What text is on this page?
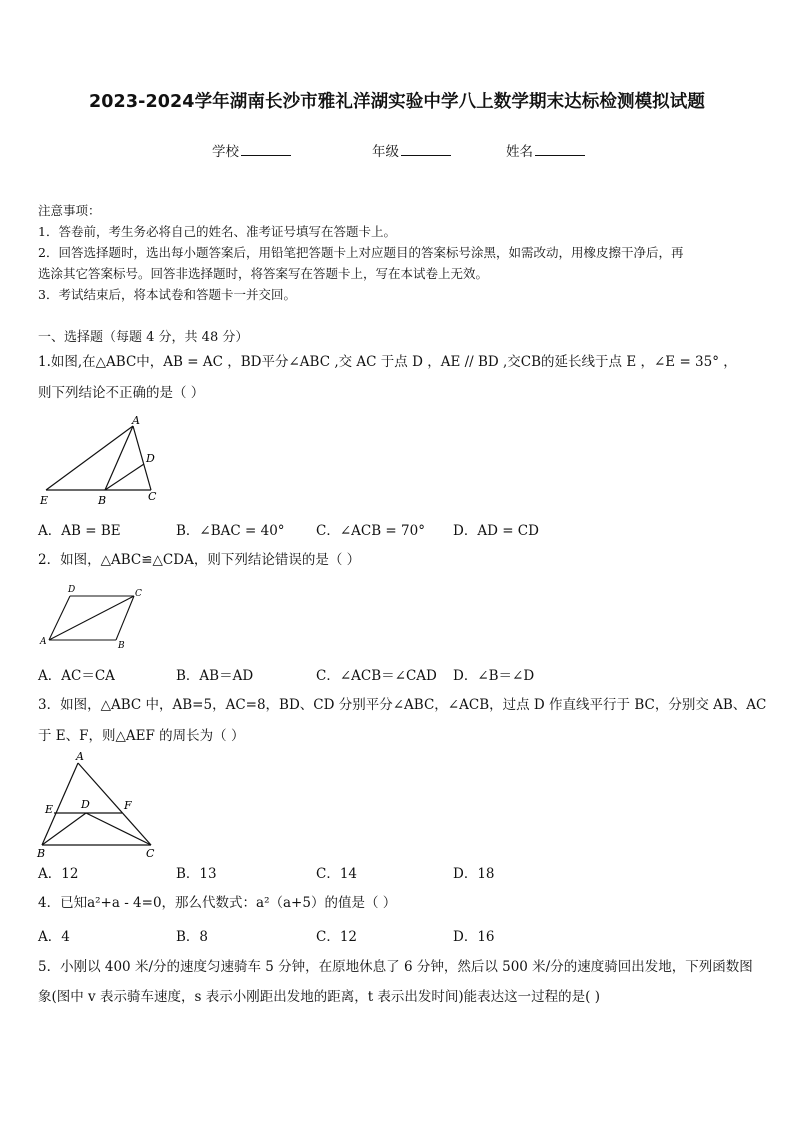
2023-2024学年湖南长沙市雅礼洋湖实验中学八上数学期末达标检测模拟试题
学校	年级	姓名
注意事项：
1．答卷前，考生务必将自己的姓名、准考证号填写在答题卡上。
2．回答选择题时，选出每小题答案后，用铅笔把答题卡上对应题目的答案标号涂黑，如需改动，用橡皮擦干净后，再
选涂其它答案标号。回答非选择题时，将答案写在答题卡上，写在本试卷上无效。
3．考试结束后，将本试卷和答题卡一并交回。
一、选择题（每题 4 分，共 48 分）
1.如图,在△ABC中，AB = AC ，BD平分∠ABC ,交 AC 于点 D ，AE // BD ,交CB的延长线于点 E ，∠E = 35° ，
则下列结论不正确的是（ ）
A
D
E	B	C
A．AB = BE	B．∠BAC = 40° C．∠ACB = 70° D．AD = CD
2．如图，△ABC≌△CDA，则下列结论错误的是（ ）
D	C
A	B
A．AC＝CA	B．AB＝AD	C．∠ACB＝∠CAD D．∠B＝∠D
3．如图，△ABC 中，AB=5，AC=8，BD、CD 分别平分∠ABC，∠ACB，过点 D 作直线平行于 BC，分别交 AB、AC
于 E、F，则△AEF 的周长为（ ）
A
E	D	F
B	C
A．12	B．13	C．14	D．18
4．已知a²+a - 4=0，那么代数式：a²（a+5）的值是（ ）
A．4	B．8	C．12	D．16
5．小刚以 400 米/分的速度匀速骑车 5 分钟，在原地休息了 6 分钟，然后以 500 米/分的速度骑回出发地，下列函数图
象(图中 v 表示骑车速度，s 表示小刚距出发地的距离，t 表示出发时间)能表达这一过程的是( )
